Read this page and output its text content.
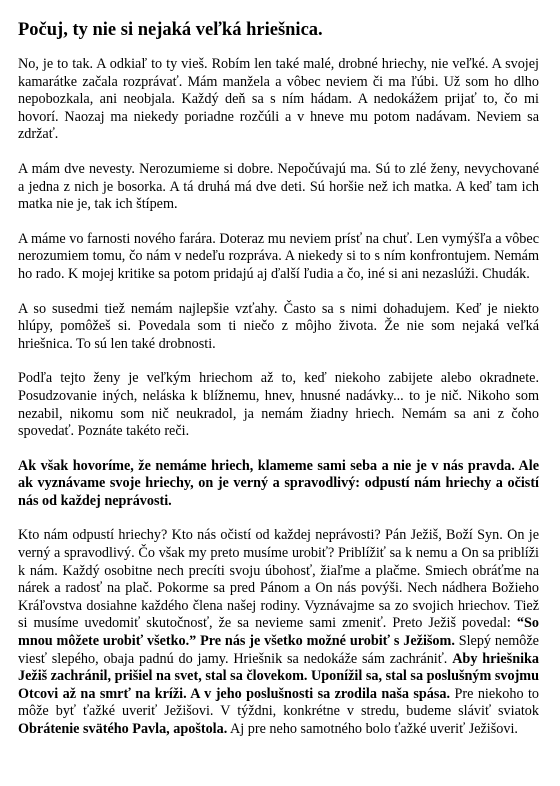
Počuj, ty nie si nejaká veľká hriešnica.

No, je to tak. A odkiaľ to ty vieš. Robím len také malé, drobné hriechy, nie veľké. A svojej kamarátke začala rozprávať. Mám manžela a vôbec neviem či ma ľúbi. Už som ho dlho nepobozkala, ani neobjala. Každý deň sa s ním hádam. A nedokážem prijať to, čo mi hovorí. Naozaj ma niekedy poriadne rozčúli a v hneve mu potom nadávam. Neviem sa zdržať.

A mám dve nevesty. Nerozumieme si dobre. Nepočúvajú ma. Sú to zlé ženy, nevychované a jedna z nich je bosorka. A tá druhá má dve deti. Sú horšie než ich matka. A keď tam ich matka nie je, tak ich štípem.

A máme vo farnosti nového farára. Doteraz mu neviem prísť na chuť. Len vymýšľa a vôbec nerozumiem tomu, čo nám v nedeľu rozpráva. A niekedy si to s ním konfrontujem. Nemám ho rado. K mojej kritike sa potom pridajú aj ďalší ľudia a čo, iné si ani nezaslúži. Chudák.

A so susedmi tiež nemám najlepšie vzťahy. Často sa s nimi dohadujem. Keď je niekto hlúpy, pomôžeš si. Povedala som ti niečo z môjho života. Že nie som nejaká veľká hriešnica. To sú len také drobnosti.

Podľa tejto ženy je veľkým hriechom až to, keď niekoho zabijete alebo okradnete. Posudzovanie iných, neláska k blížnemu, hnev, hnusné nadávky... to je nič. Nikoho som nezabil, nikomu som nič neukradol, ja nemám žiadny hriech. Nemám sa ani z čoho spovedať. Poznáte takéto reči.

Ak však hovoríme, že nemáme hriech, klameme sami seba a nie je v nás pravda. Ale ak vyznávame svoje hriechy, on je verný a spravodlivý: odpustí nám hriechy a očistí nás od každej neprávosti.

Kto nám odpustí hriechy? Kto nás očistí od každej neprávosti? Pán Ježiš, Boží Syn. On je verný a spravodlivý. Čo však my preto musíme urobiť? Priblížiť sa k nemu a On sa priblíži k nám. Každý osobitne nech precíti svoju úbohosť, žiaľme a plačme. Smiech obráťme na nárek a radosť na plač. Pokorme sa pred Pánom a On nás povýši. Nech nádhera Božieho Kráľovstva dosiahne každého člena našej rodiny. Vyznávajme sa zo svojich hriechov. Tiež si musíme uvedomiť skutočnosť, že sa nevieme sami zmeniť. Preto Ježiš povedal: “So mnou môžete urobiť všetko.” Pre nás je všetko možné urobiť s Ježišom. Slepý nemôže viesť slepého, obaja padnú do jamy. Hriešnik sa nedokáže sám zachrániť. Aby hriešnika Ježiš zachránil, prišiel na svet, stal sa človekom. Uponížil sa, stal sa poslušným svojmu Otcovi až na smrť na kríži. A v jeho poslušnosti sa zrodila naša spása. Pre niekoho to môže byť ťažké uveriť Ježišovi. V týždni, konkrétne v stredu, budeme sláviť sviatok Obrátenie svätého Pavla, apoštola. Aj pre neho samotného bolo ťažké uveriť Ježišovi.
